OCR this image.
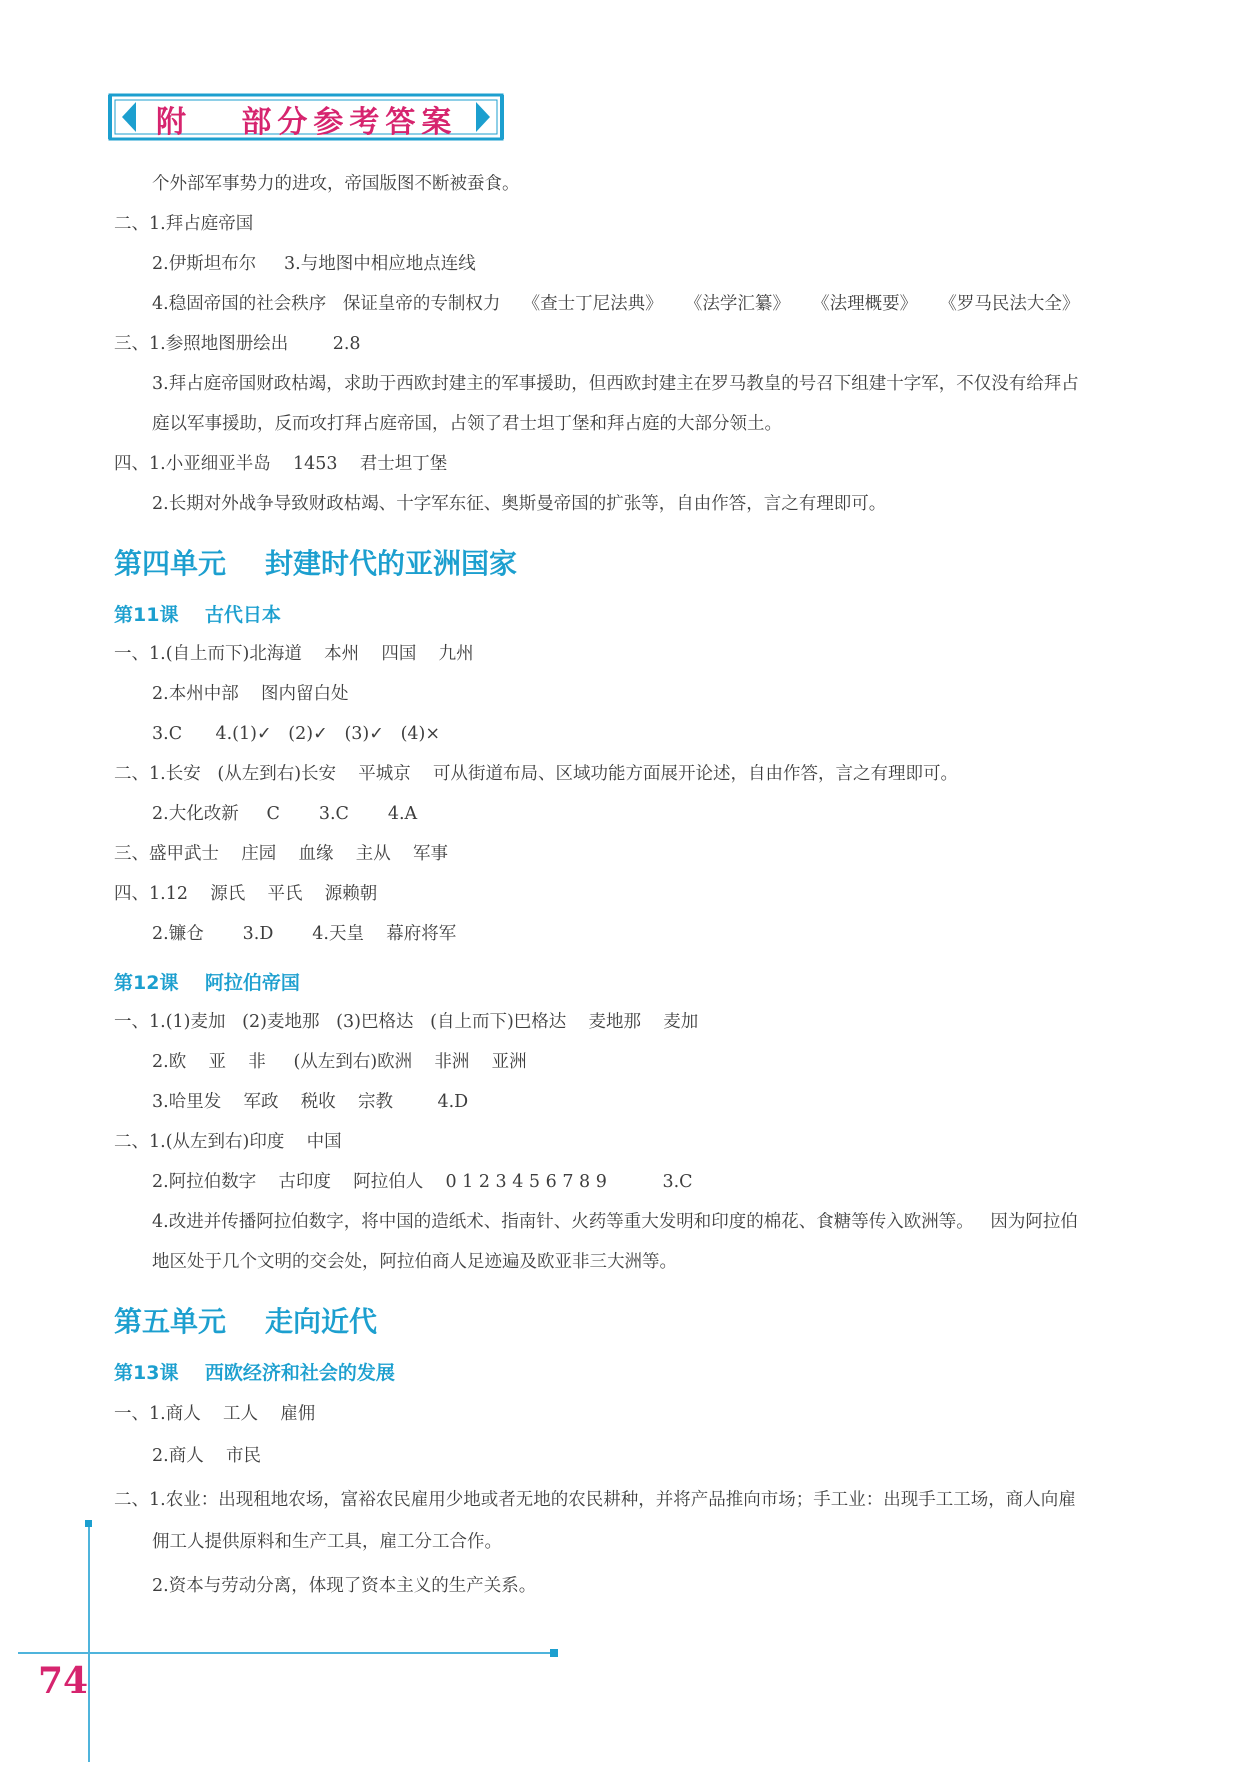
附   部分参考答案
个外部军事势力的进攻，帝国版图不断被蚕食。
二、1.拜占庭帝国
2.伊斯坦布尔     3.与地图中相应地点连线
4.稳固帝国的社会秩序   保证皇帝的专制权力    《查士丁尼法典》    《法学汇纂》    《法理概要》    《罗马民法大全》
三、1.参照地图册绘出        2.8
3.拜占庭帝国财政枯竭，求助于西欧封建主的军事援助，但西欧封建主在罗马教皇的号召下组建十字军，不仅没有给拜占
庭以军事援助，反而攻打拜占庭帝国，占领了君士坦丁堡和拜占庭的大部分领土。
四、1.小亚细亚半岛    1453    君士坦丁堡
2.长期对外战争导致财政枯竭、十字军东征、奥斯曼帝国的扩张等，自由作答，言之有理即可。
第四单元    封建时代的亚洲国家
第11课    古代日本
一、1.(自上而下)北海道    本州    四国    九州
2.本州中部    图内留白处
3.C      4.(1)✓   (2)✓   (3)✓   (4)×
二、1.长安   (从左到右)长安    平城京    可从街道布局、区域功能方面展开论述，自由作答，言之有理即可。
2.大化改新     C       3.C       4.A
三、盛甲武士    庄园    血缘    主从    军事
四、1.12    源氏    平氏    源赖朝
2.镰仓       3.D       4.天皇    幕府将军
第12课    阿拉伯帝国
一、1.(1)麦加   (2)麦地那   (3)巴格达   (自上而下)巴格达    麦地那    麦加
2.欧    亚    非     (从左到右)欧洲    非洲    亚洲
3.哈里发    军政    税收    宗教        4.D
二、1.(从左到右)印度    中国
2.阿拉伯数字    古印度    阿拉伯人    0 1 2 3 4 5 6 7 8 9          3.C
4.改进并传播阿拉伯数字，将中国的造纸术、指南针、火药等重大发明和印度的棉花、食糖等传入欧洲等。   因为阿拉伯
地区处于几个文明的交会处，阿拉伯商人足迹遍及欧亚非三大洲等。
第五单元    走向近代
第13课    西欧经济和社会的发展
一、1.商人    工人    雇佣
2.商人    市民
二、1.农业：出现租地农场，富裕农民雇用少地或者无地的农民耕种，并将产品推向市场；手工业：出现手工工场，商人向雇
佣工人提供原料和生产工具，雇工分工合作。
2.资本与劳动分离，体现了资本主义的生产关系。
74
